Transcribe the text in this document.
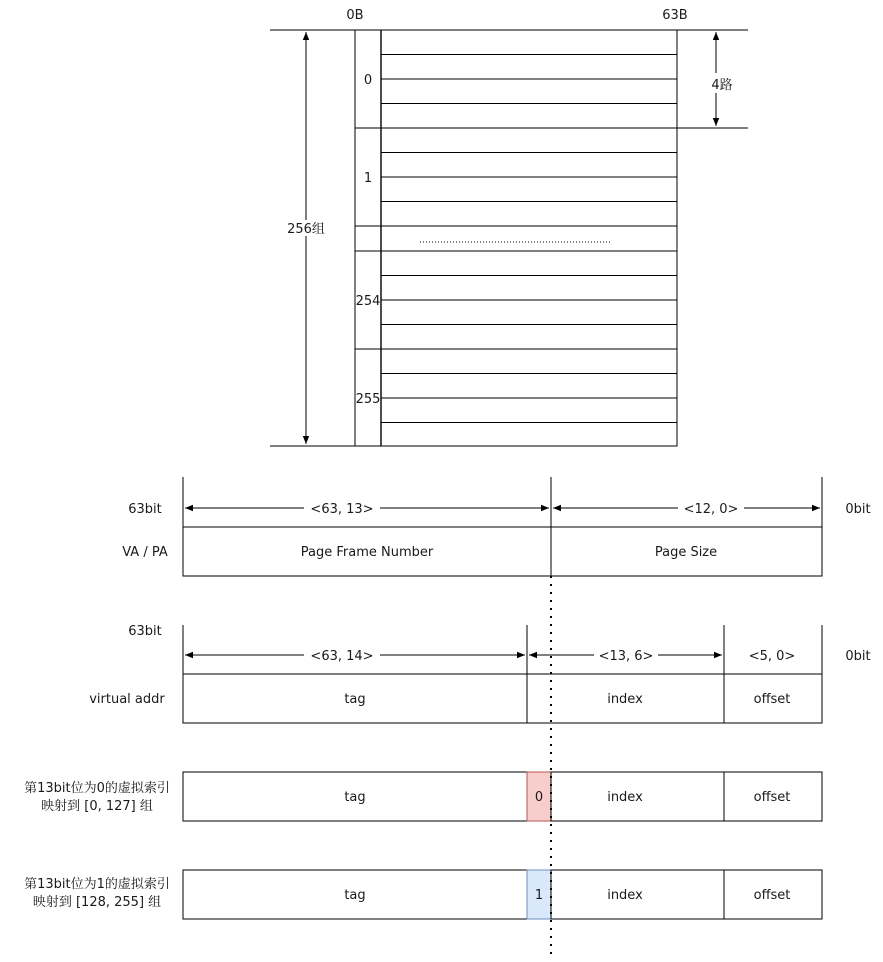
0B	63B
256组
4路
0
1
254
255
63bit	0bit
<63, 13>	<12, 0>
VA / PA	Page Frame Number	Page Size
63bit
0bit
<63, 14>	<13, 6>	<5, 0>
virtual addr	tag	index	offset
第13bit位为0的虚拟索引
映射到 [0, 127] 组
tag	0	index	offset
第13bit位为1的虚拟索引
映射到 [128, 255] 组	tag	1	index	offset
